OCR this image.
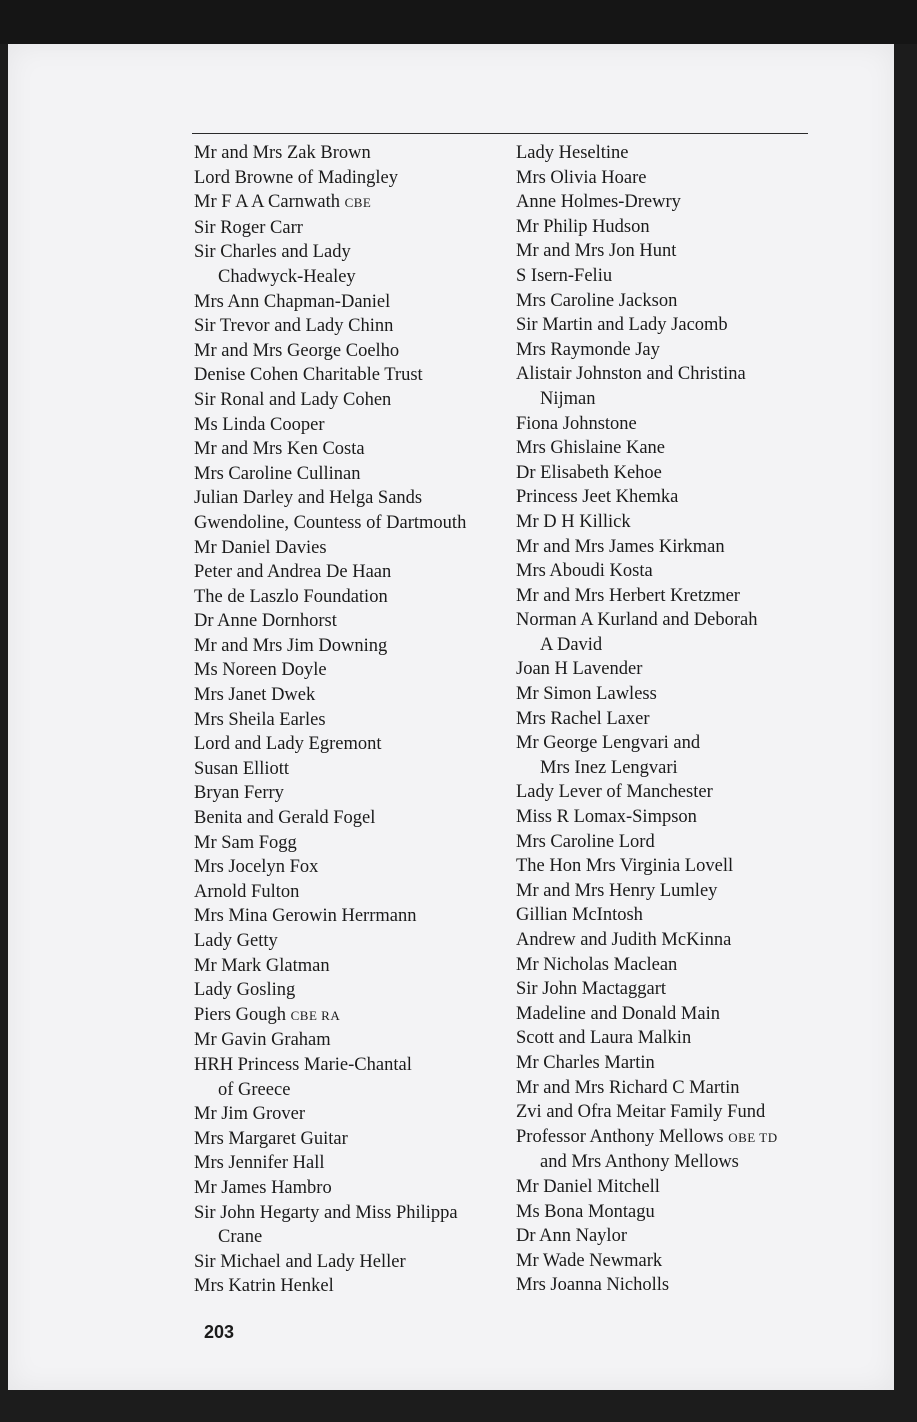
Mr and Mrs Zak Brown
Lord Browne of Madingley
Mr F A A Carnwath CBE
Sir Roger Carr
Sir Charles and Lady
Chadwyck-Healey
Mrs Ann Chapman-Daniel
Sir Trevor and Lady Chinn
Mr and Mrs George Coelho
Denise Cohen Charitable Trust
Sir Ronal and Lady Cohen
Ms Linda Cooper
Mr and Mrs Ken Costa
Mrs Caroline Cullinan
Julian Darley and Helga Sands
Gwendoline, Countess of Dartmouth
Mr Daniel Davies
Peter and Andrea De Haan
The de Laszlo Foundation
Dr Anne Dornhorst
Mr and Mrs Jim Downing
Ms Noreen Doyle
Mrs Janet Dwek
Mrs Sheila Earles
Lord and Lady Egremont
Susan Elliott
Bryan Ferry
Benita and Gerald Fogel
Mr Sam Fogg
Mrs Jocelyn Fox
Arnold Fulton
Mrs Mina Gerowin Herrmann
Lady Getty
Mr Mark Glatman
Lady Gosling
Piers Gough CBE RA
Mr Gavin Graham
HRH Princess Marie-Chantal
of Greece
Mr Jim Grover
Mrs Margaret Guitar
Mrs Jennifer Hall
Mr James Hambro
Sir John Hegarty and Miss Philippa
Crane
Sir Michael and Lady Heller
Mrs Katrin Henkel
Lady Heseltine
Mrs Olivia Hoare
Anne Holmes-Drewry
Mr Philip Hudson
Mr and Mrs Jon Hunt
S Isern-Feliu
Mrs Caroline Jackson
Sir Martin and Lady Jacomb
Mrs Raymonde Jay
Alistair Johnston and Christina
Nijman
Fiona Johnstone
Mrs Ghislaine Kane
Dr Elisabeth Kehoe
Princess Jeet Khemka
Mr D H Killick
Mr and Mrs James Kirkman
Mrs Aboudi Kosta
Mr and Mrs Herbert Kretzmer
Norman A Kurland and Deborah
A David
Joan H Lavender
Mr Simon Lawless
Mrs Rachel Laxer
Mr George Lengvari and
Mrs Inez Lengvari
Lady Lever of Manchester
Miss R Lomax-Simpson
Mrs Caroline Lord
The Hon Mrs Virginia Lovell
Mr and Mrs Henry Lumley
Gillian McIntosh
Andrew and Judith McKinna
Mr Nicholas Maclean
Sir John Mactaggart
Madeline and Donald Main
Scott and Laura Malkin
Mr Charles Martin
Mr and Mrs Richard C Martin
Zvi and Ofra Meitar Family Fund
Professor Anthony Mellows OBE TD
and Mrs Anthony Mellows
Mr Daniel Mitchell
Ms Bona Montagu
Dr Ann Naylor
Mr Wade Newmark
Mrs Joanna Nicholls
203
